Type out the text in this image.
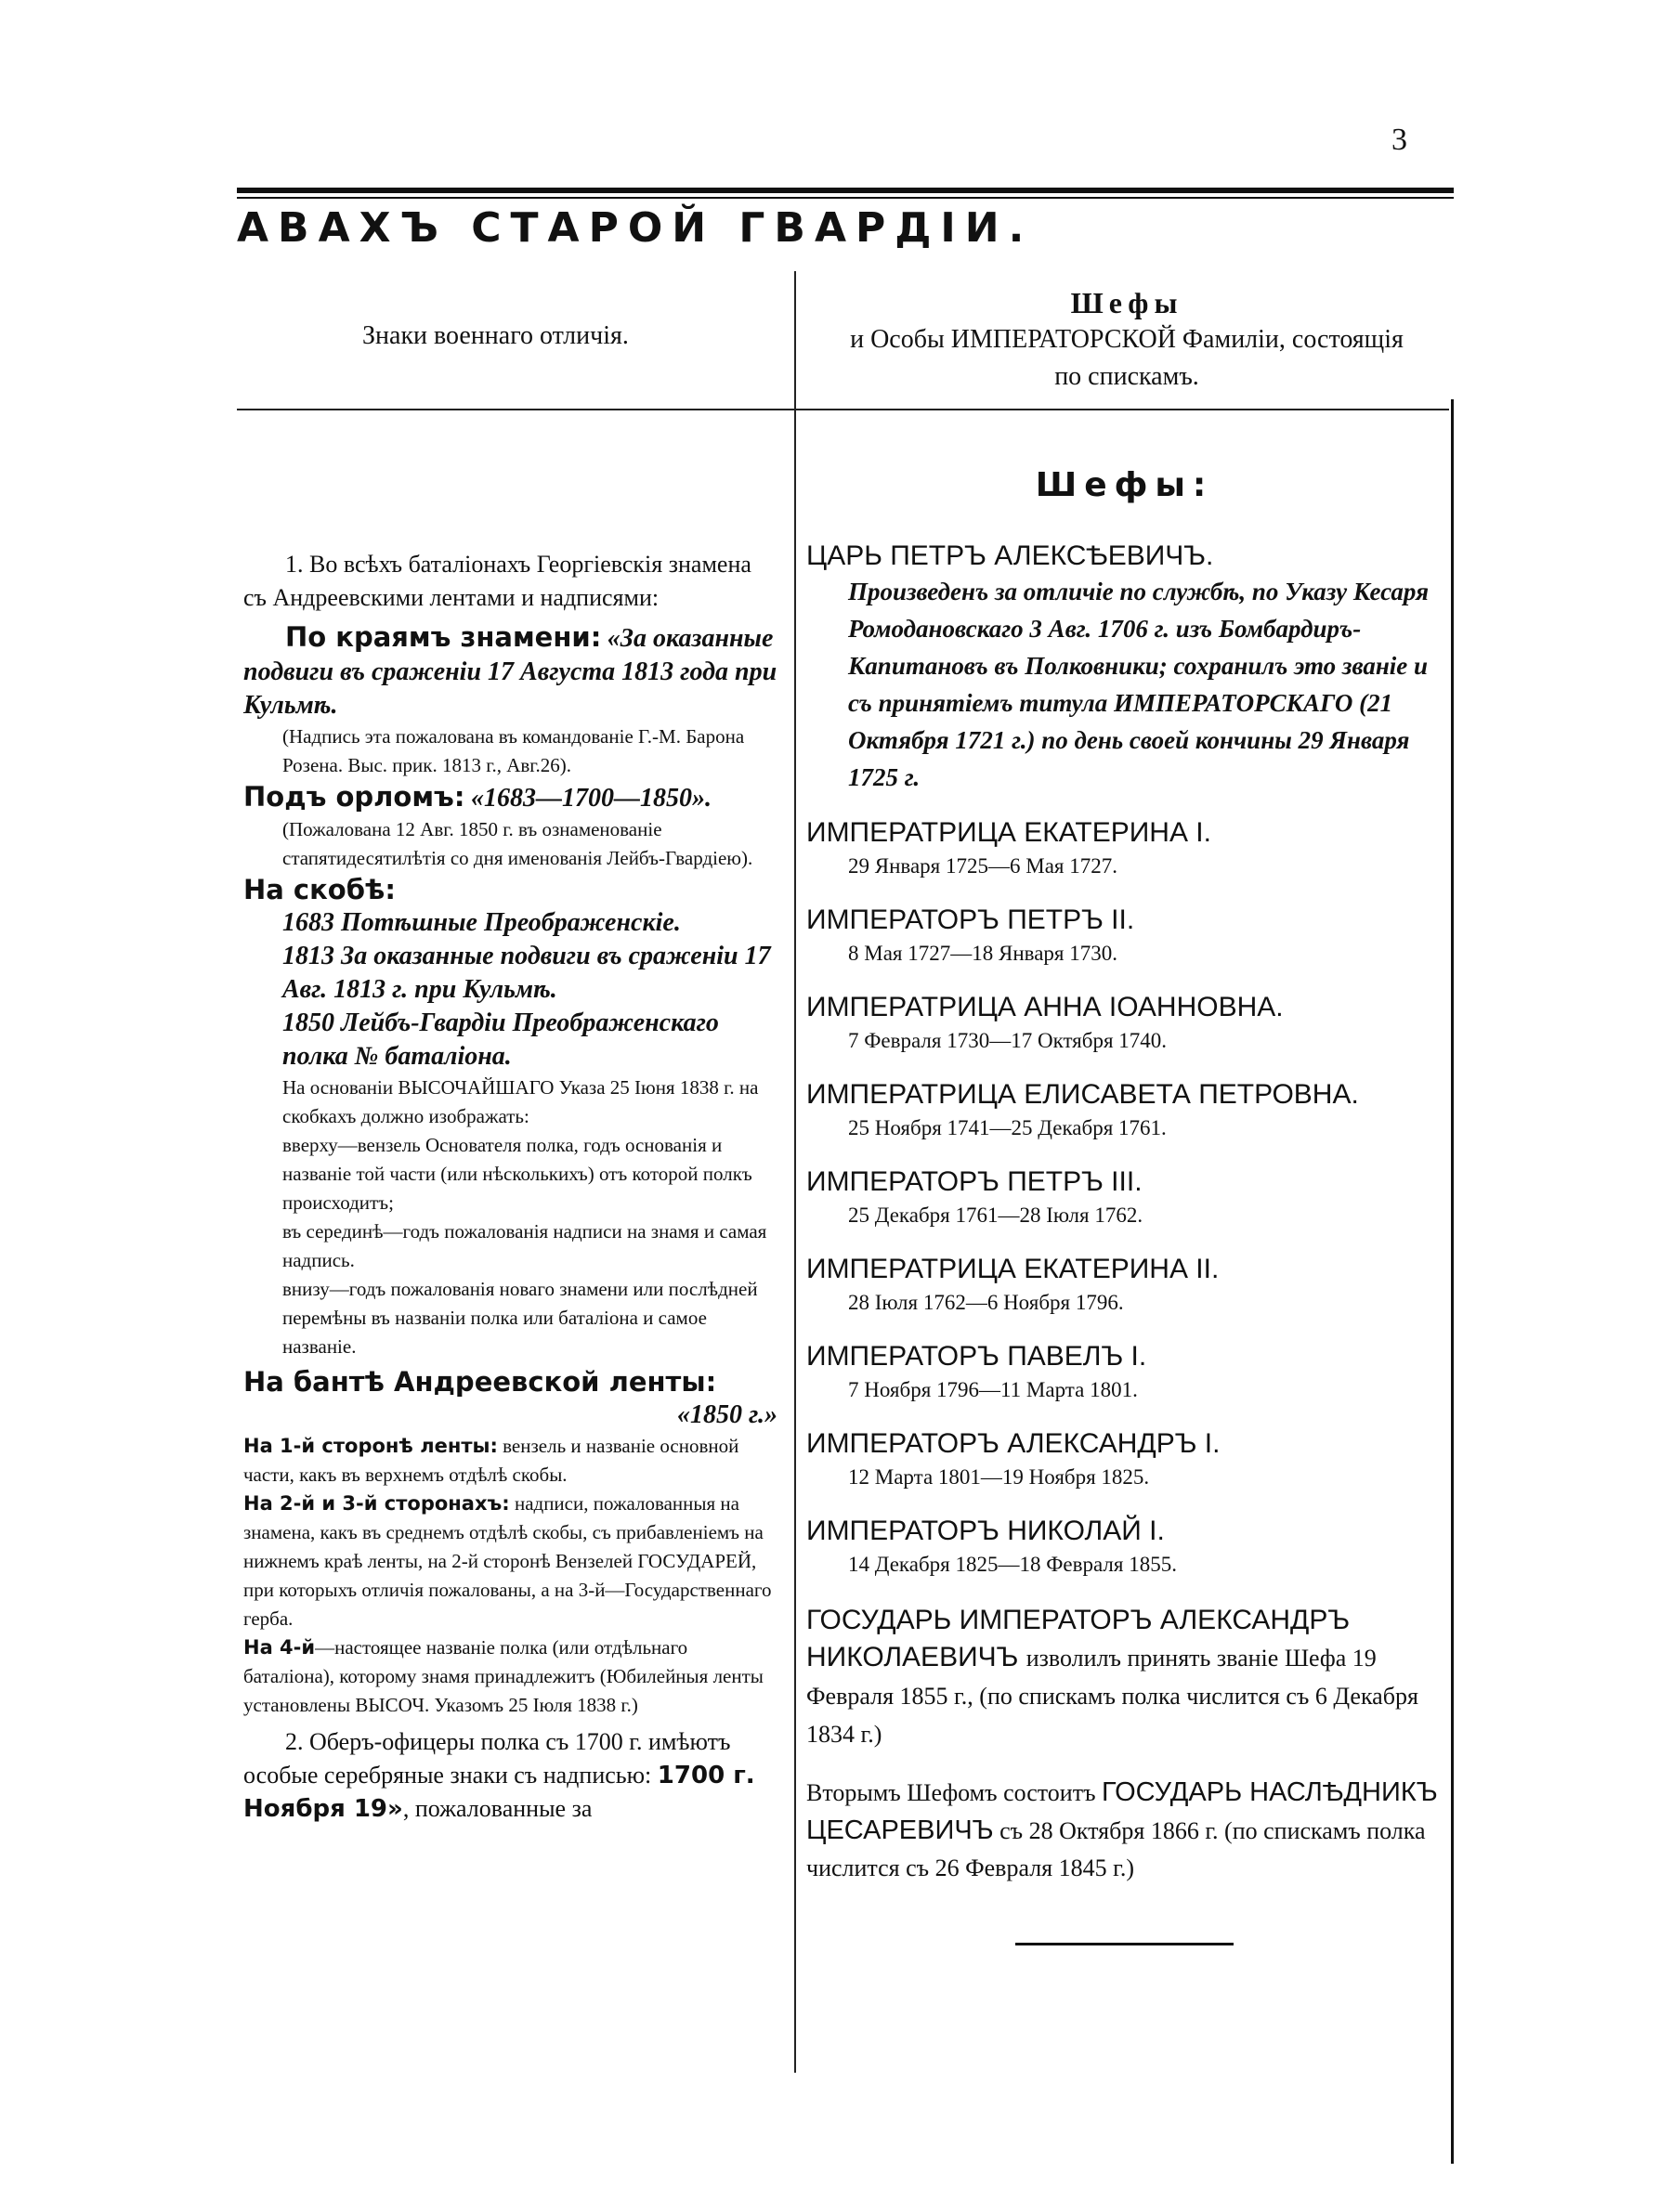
3
АВАХЪ СТАРОЙ ГВАРДІИ.
Знаки военнаго отличія.
Шефы
и Особы ИМПЕРАТОРСКОЙ Фамиліи, состоящія
по спискамъ.

1. Во всѣхъ баталіонахъ Георгіевскія знамена съ Андреевскими лентами и надписями:

По краямъ знамени: «За оказанные подвиги въ сраженіи 17 Августа 1813 года при Кульмѣ.

(Надпись эта пожалована въ командованіе Г.-М. Барона Розена. Выс. прик. 1813 г., Авг.26).

Подъ орломъ: «1683—1700—1850».

(Пожалована 12 Авг. 1850 г. въ ознаменованіе стапятидесятилѣтія со дня именованія Лейбъ-Гвардіею).

На скобѣ:

1683 Потѣшные Преображенскіе.

1813 За оказанные подвиги въ сраженіи 17 Авг. 1813 г. при Кульмѣ.

1850 Лейбъ-Гвардіи Преображенскаго полка № баталіона.

На основаніи ВЫСОЧАЙШАГО Указа 25 Іюня 1838 г. на скобкахъ должно изображать:

вверху—вензель Основателя полка, годъ основанія и названіе той части (или нѣсколькихъ) отъ которой полкъ происходитъ;

въ серединѣ—годъ пожалованія надписи на знамя и самая надпись.

внизу—годъ пожалованія новаго знамени или послѣдней перемѣны въ названіи полка или баталіона и самое названіе.

На бантѣ Андреевской ленты:

«1850 г.»

На 1-й сторонѣ ленты: вензель и названіе основной части, какъ въ верхнемъ отдѣлѣ скобы.

На 2-й и 3-й сторонахъ: надписи, пожалованныя на знамена, какъ въ среднемъ отдѣлѣ скобы, съ прибавленіемъ на нижнемъ краѣ ленты, на 2-й сторонѣ Вензелей ГОСУДАРЕЙ, при которыхъ отличія пожалованы, а на 3-й—Государственнаго герба.

На 4-й—настоящее названіе полка (или отдѣльнаго баталіона), которому знамя принадлежитъ (Юбилейныя ленты установлены ВЫСОЧ. Указомъ 25 Іюля 1838 г.)

2. Оберъ-офицеры полка съ 1700 г. имѣютъ особые серебряные знаки съ надписью: 1700 г. Ноября 19», пожалованные за

Шефы:

ЦАРЬ ПЕТРЪ АЛЕКСѢЕВИЧЪ.

Произведенъ за отличіе по службѣ, по Указу Кесаря Ромодановскаго 3 Авг. 1706 г. изъ Бомбардиръ-Капитановъ въ Полковники; сохранилъ это званіе и съ принятіемъ титула ИМПЕРАТОРСКАГО (21 Октября 1721 г.) по день своей кончины 29 Января 1725 г.

ИМПЕРАТРИЦА ЕКАТЕРИНА I.

29 Января 1725—6 Мая 1727.

ИМПЕРАТОРЪ ПЕТРЪ II.

8 Мая 1727—18 Января 1730.

ИМПЕРАТРИЦА АННА ІОАННОВНА.

7 Февраля 1730—17 Октября 1740.

ИМПЕРАТРИЦА ЕЛИСАВЕТА ПЕТРОВНА.

25 Ноября 1741—25 Декабря 1761.

ИМПЕРАТОРЪ ПЕТРЪ III.

25 Декабря 1761—28 Іюля 1762.

ИМПЕРАТРИЦА ЕКАТЕРИНА II.

28 Іюля 1762—6 Ноября 1796.

ИМПЕРАТОРЪ ПАВЕЛЪ I.

7 Ноября 1796—11 Марта 1801.

ИМПЕРАТОРЪ АЛЕКСАНДРЪ I.

12 Марта 1801—19 Ноября 1825.

ИМПЕРАТОРЪ НИКОЛАЙ I.

14 Декабря 1825—18 Февраля 1855.

ГОСУДАРЬ ИМПЕРАТОРЪ АЛЕКСАНДРЪ НИКОЛАЕВИЧЪ изволилъ принять званіе Шефа 19 Февраля 1855 г., (по спискамъ полка числится съ 6 Декабря 1834 г.)

Вторымъ Шефомъ состоитъ ГОСУДАРЬ НАСЛѢДНИКЪ ЦЕСАРЕВИЧЪ съ 28 Октября 1866 г. (по спискамъ полка числится съ 26 Февраля 1845 г.)
